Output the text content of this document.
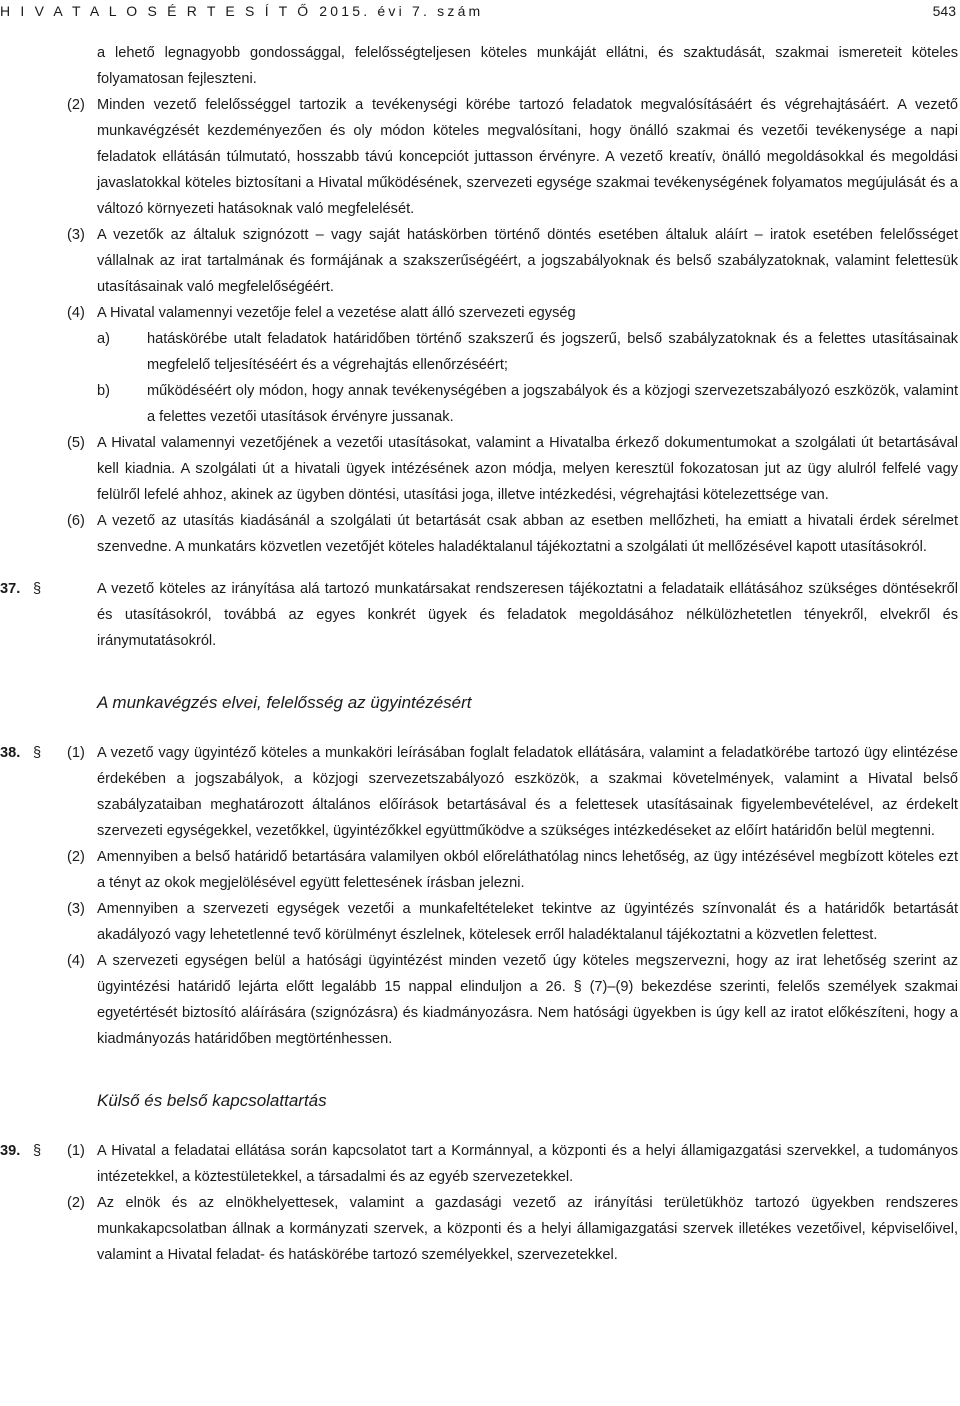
H I V A T A L O S É R T E S Í T Ő 2015. évi 7. szám	543

a lehető legnagyobb gondossággal, felelősségteljesen köteles munkáját ellátni, és szaktudását, szakmai ismereteit köteles folyamatosan fejleszteni.

(2) Minden vezető felelősséggel tartozik a tevékenységi körébe tartozó feladatok megvalósításáért és végrehajtásáért. A vezető munkavégzését kezdeményezően és oly módon köteles megvalósítani, hogy önálló szakmai és vezetői tevékenysége a napi feladatok ellátásán túlmutató, hosszabb távú koncepciót juttasson érvényre. A vezető kreatív, önálló megoldásokkal és megoldási javaslatokkal köteles biztosítani a Hivatal működésének, szervezeti egysége szakmai tevékenységének folyamatos megújulását és a változó környezeti hatásoknak való megfelelését.
(3) A vezetők az általuk szignózott – vagy saját hatáskörben történő döntés esetében általuk aláírt – iratok esetében felelősséget vállalnak az irat tartalmának és formájának a szakszerűségéért, a jogszabályoknak és belső szabályzatoknak, valamint felettesük utasításainak való megfelelőségéért.
(4) A Hivatal valamennyi vezetője felel a vezetése alatt álló szervezeti egység
a)	hatáskörébe utalt feladatok határidőben történő szakszerű és jogszerű, belső szabályzatoknak és a felettes utasításainak megfelelő teljesítéséért és a végrehajtás ellenőrzéséért;
b)	működéséért oly módon, hogy annak tevékenységében a jogszabályok és a közjogi szervezetszabályozó eszközök, valamint a felettes vezetői utasítások érvényre jussanak.
(5) A Hivatal valamennyi vezetőjének a vezetői utasításokat, valamint a Hivatalba érkező dokumentumokat a szolgálati út betartásával kell kiadnia. A szolgálati út a hivatali ügyek intézésének azon módja, melyen keresztül fokozatosan jut az ügy alulról felfelé vagy felülről lefelé ahhoz, akinek az ügyben döntési, utasítási joga, illetve intézkedési, végrehajtási kötelezettsége van.
(6) A vezető az utasítás kiadásánál a szolgálati út betartását csak abban az esetben mellőzheti, ha emiatt a hivatali érdek sérelmet szenvedne. A munkatárs közvetlen vezetőjét köteles haladéktalanul tájékoztatni a szolgálati út mellőzésével kapott utasításokról.
37. §	A vezető köteles az irányítása alá tartozó munkatársakat rendszeresen tájékoztatni a feladataik ellátásához szükséges döntésekről és utasításokról, továbbá az egyes konkrét ügyek és feladatok megoldásához nélkülözhetetlen tényekről, elvekről és iránymutatásokról.

A munkavégzés elvei, felelősség az ügyintézésért

38. § (1) A vezető vagy ügyintéző köteles a munkaköri leírásában foglalt feladatok ellátására, valamint a feladatkörébe tartozó ügy elintézése érdekében a jogszabályok, a közjogi szervezetszabályozó eszközök, a szakmai követelmények, valamint a Hivatal belső szabályzataiban meghatározott általános előírások betartásával és a felettesek utasításainak figyelembevételével, az érdekelt szervezeti egységekkel, vezetőkkel, ügyintézőkkel együttműködve a szükséges intézkedéseket az előírt határidőn belül megtenni.
(2) Amennyiben a belső határidő betartására valamilyen okból előreláthatólag nincs lehetőség, az ügy intézésével megbízott köteles ezt a tényt az okok megjelölésével együtt felettesének írásban jelezni.
(3) Amennyiben a szervezeti egységek vezetői a munkafeltételeket tekintve az ügyintézés színvonalát és a határidők betartását akadályozó vagy lehetetlenné tevő körülményt észlelnek, kötelesek erről haladéktalanul tájékoztatni a közvetlen felettest.
(4) A szervezeti egységen belül a hatósági ügyintézést minden vezető úgy köteles megszervezni, hogy az irat lehetőség szerint az ügyintézési határidő lejárta előtt legalább 15 nappal elinduljon a 26. § (7)–(9) bekezdése szerinti, felelős személyek szakmai egyetértését biztosító aláírására (szignózásra) és kiadmányozásra. Nem hatósági ügyekben is úgy kell az iratot előkészíteni, hogy a kiadmányozás határidőben megtörténhessen.

Külső és belső kapcsolattartás

39. § (1) A Hivatal a feladatai ellátása során kapcsolatot tart a Kormánnyal, a központi és a helyi államigazgatási szervekkel, a tudományos intézetekkel, a köztestületekkel, a társadalmi és az egyéb szervezetekkel.
(2) Az elnök és az elnökhelyettesek, valamint a gazdasági vezető az irányítási területükhöz tartozó ügyekben rendszeres munkakapcsolatban állnak a kormányzati szervek, a központi és a helyi államigazgatási szervek illetékes vezetőivel, képviselőivel, valamint a Hivatal feladat- és hatáskörébe tartozó személyekkel, szervezetekkel.
